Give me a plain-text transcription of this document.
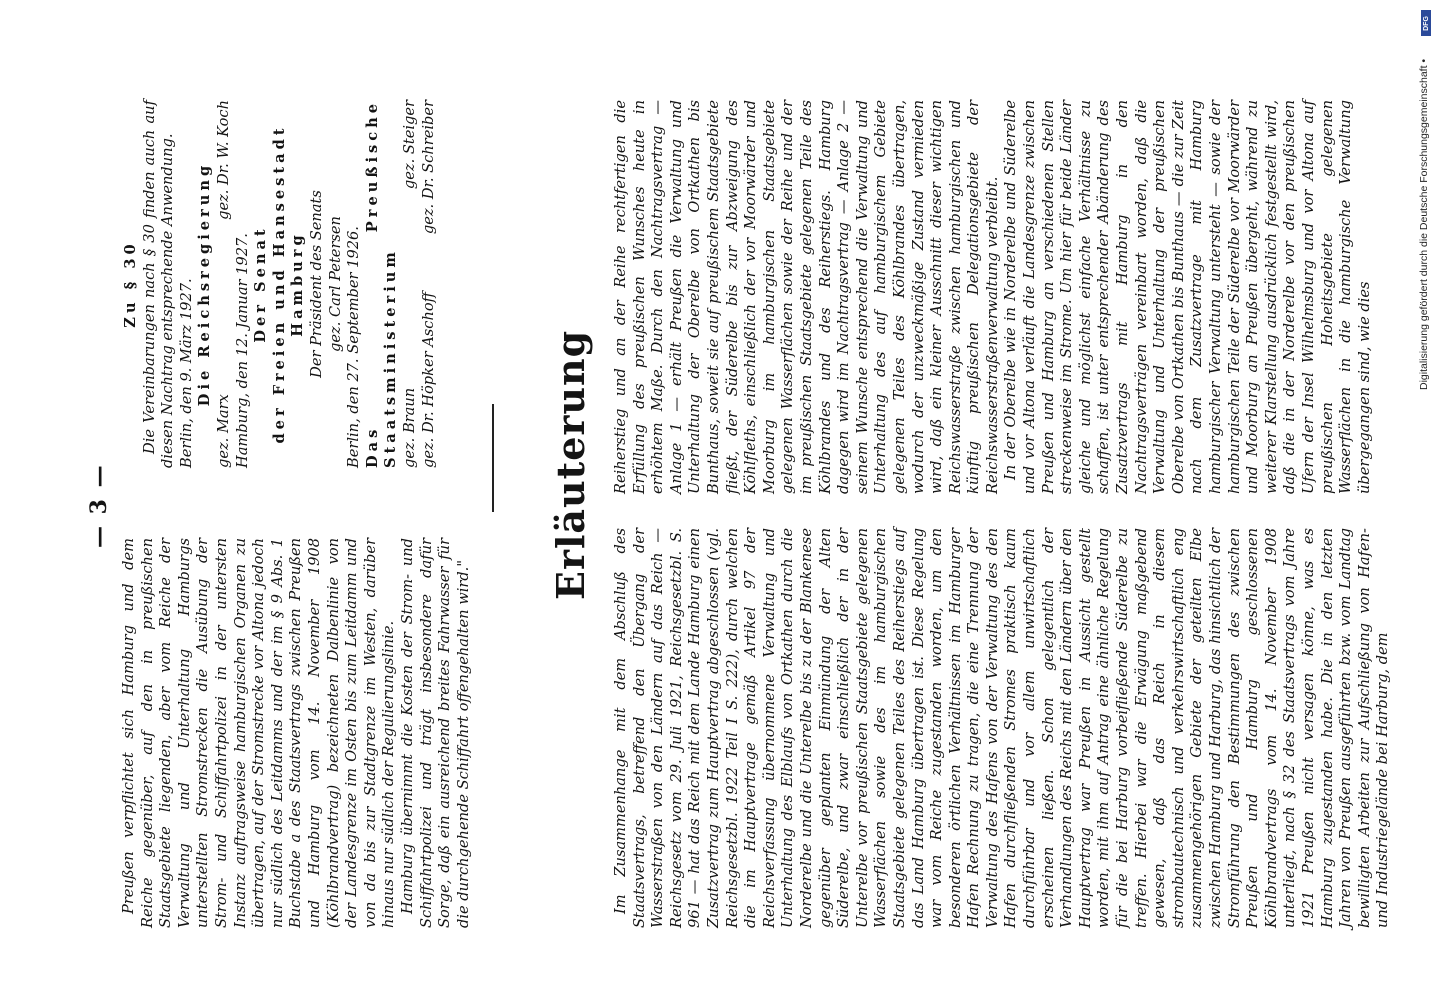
— 3 —

Preußen verpflichtet sich Hamburg und dem Reiche gegenüber, auf den in preußischen Staatsgebiete liegenden, aber vom Reiche der Verwaltung und Unterhaltung Hamburgs unterstellten Stromstrecken die Ausübung der Strom- und Schiffahrtpolizei in der untersten Instanz auftragsweise hamburgischen Organen zu übertragen, auf der Stromstrecke vor Altona jedoch nur südlich des Leitdamms und der im § 9 Abs. 1 Buchstabe a des Staatsvertrags zwischen Preußen und Hamburg vom 14. November 1908 (Köhlbrandvertrag) bezeichneten Dalbenlinie von der Landesgrenze im Osten bis zum Leitdamm und von da bis zur Stadtgrenze im Westen, darüber hinaus nur südlich der Regulierungslinie. Hamburg übernimmt die Kosten der Strom- und Schiffahrtpolizei und trägt insbesondere dafür Sorge, daß ein ausreichend breites Fahrwasser für die durchgehende Schiffahrt offengehalten wird."

Zu § 30 Die Vereinbarungen nach § 30 finden auch auf diesen Nachtrag entsprechende Anwendung. Berlin, den 9. März 1927. Die Reichsregierung

gez. Marx
gez. Dr. W. Koch

Hamburg, den 12. Januar 1927. Der Senat der Freien und Hansestadt Hamburg Der Präsident des Senats gez. Carl Petersen Berlin, den 27. September 1926. Das Preußische Staatsministerium gez. Braun
gez. Steiger

gez. Dr. Höpker Aschoff
gez. Dr. Schreiber

Erläuterung

Im Zusammenhange mit dem Abschluß des Staatsvertrags, betreffend den Übergang der Wasserstraßen von den Ländern auf das Reich — Reichsgesetz vom 29. Juli 1921, Reichsgesetzbl. S. 961 — hat das Reich mit dem Lande Hamburg einen Zusatzvertrag zum Hauptvertrag abgeschlossen (vgl. Reichsgesetzbl. 1922 Teil I S. 222), durch welchen die im Hauptvertrage gemäß Artikel 97 der Reichsverfassung übernommene Verwaltung und Unterhaltung des Elblaufs von Ortkathen durch die Norderelbe und die Unterelbe bis zu der Blankenese gegenüber geplanten Einmündung der Alten Süderelbe, und zwar einschließlich der in der Unterelbe vor preußischen Staatsgebiete gelegenen Wasserflächen sowie des im hamburgischen Staatsgebiete gelegenen Teiles des Reiherstiegs auf das Land Hamburg übertragen ist. Diese Regelung war vom Reiche zugestanden worden, um den besonderen örtlichen Verhältnissen im Hamburger Hafen Rechnung zu tragen, die eine Trennung der Verwaltung des Hafens von der Verwaltung des den Hafen durchfließenden Stromes praktisch kaum durchführbar und vor allem unwirtschaftlich erscheinen ließen. Schon gelegentlich der Verhandlungen des Reichs mit den Ländern über den Hauptvertrag war Preußen in Aussicht gestellt worden, mit ihm auf Antrag eine ähnliche Regelung für die bei Harburg vorbeifließende Süderelbe zu treffen. Hierbei war die Erwägung maßgebend gewesen, daß das Reich in diesem strombautechnisch und verkehrswirtschaftlich eng zusammengehörigen Gebiete der geteilten Elbe zwischen Hamburg und Harburg, das hinsichtlich der Stromführung den Bestimmungen des zwischen Preußen und Hamburg geschlossenen Köhlbrandvertrags vom 14. November 1908 unterliegt, nach § 32 des Staatsvertrags vom Jahre 1921 Preußen nicht versagen könne, was es Hamburg zugestanden habe. Die in den letzten Jahren von Preußen ausgeführten bzw. vom Landtag bewilligten Arbeiten zur Aufschließung von Hafen- und Industriegelände bei Harburg, dem

Reiherstieg und an der Reihe rechtfertigen die Erfüllung des preußischen Wunsches heute in erhöhtem Maße. Durch den Nachtragsvertrag — Anlage 1 — erhält Preußen die Verwaltung und Unterhaltung der Oberelbe von Ortkathen bis Bunthaus, soweit sie auf preußischem Staatsgebiete fließt, der Süderelbe bis zur Abzweigung des Köhlfleths, einschließlich der vor Moorwärder und Moorburg im hamburgischen Staatsgebiete gelegenen Wasserflächen sowie der Reihe und der im preußischen Staatsgebiete gelegenen Teile des Köhlbrandes und des Reiherstiegs. Hamburg dagegen wird im Nachtragsvertrag — Anlage 2 — seinem Wunsche entsprechend die Verwaltung und Unterhaltung des auf hamburgischem Gebiete gelegenen Teiles des Köhlbrandes übertragen, wodurch der unzweckmäßige Zustand vermieden wird, daß ein kleiner Ausschnitt dieser wichtigen Reichswasserstraße zwischen hamburgischen und künftig preußischen Delegationsgebiete der Reichswasserstraßenverwaltung verbleibt. In der Oberelbe wie in Norderelbe und Süderelbe und vor Altona verläuft die Landesgrenze zwischen Preußen und Hamburg an verschiedenen Stellen streckenweise im Strome. Um hier für beide Länder gleiche und möglichst einfache Verhältnisse zu schaffen, ist unter entsprechender Abänderung des Zusatzvertrags mit Hamburg in den Nachtragsverträgen vereinbart worden, daß die Verwaltung und Unterhaltung der preußischen Oberelbe von Ortkathen bis Bunthaus — die zur Zeit nach dem Zusatzvertrage mit Hamburg hamburgischer Verwaltung untersteht — sowie der hamburgischen Teile der Süderelbe vor Moorwärder und Moorburg an Preußen übergeht, während zu weiterer Klarstellung ausdrücklich festgestellt wird, daß die in der Norderelbe vor den preußischen Ufern der Insel Wilhelmsburg und vor Altona auf preußischen Hoheitsgebiete gelegenen Wasserflächen in die hamburgische Verwaltung übergegangen sind, wie dies

DFG
Digitalisierung gefördert durch die Deutsche Forschungsgemeinschaft •
